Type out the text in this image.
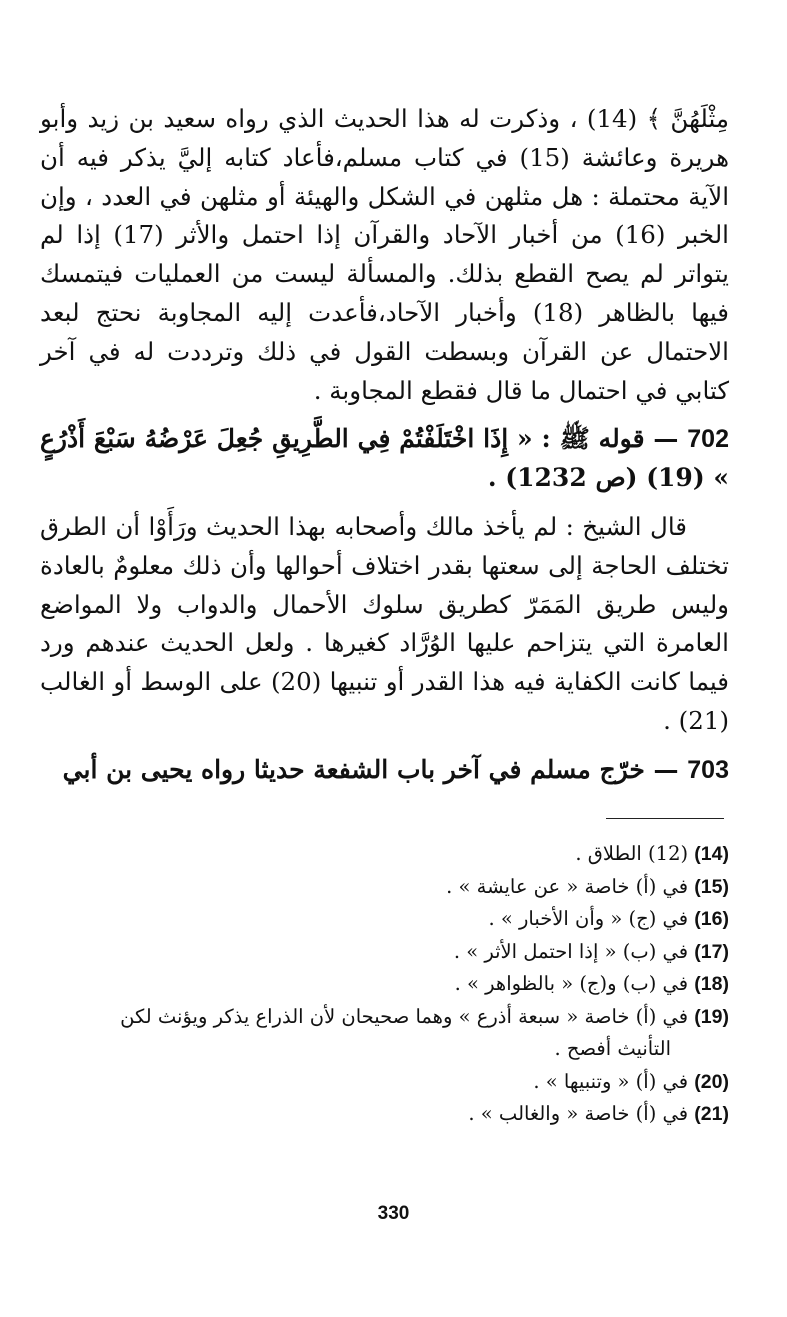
مِثْلَهُنَّ ﴾ (14) ، وذكرت له هذا الحديث الذي رواه سعيد بن زيد وأبو هريرة وعائشة (15) في كتاب مسلم،فأعاد كتابه إليَّ يذكر فيه أن الآية محتملة : هل مثلهن في الشكل والهيئة أو مثلهن في العدد ، وإن الخبر (16) من أخبار الآحاد والقرآن إذا احتمل والأثر (17) إذا لم يتواتر لم يصح القطع بذلك. والمسألة ليست من العمليات فيتمسك فيها بالظاهر (18) وأخبار الآحاد،فأعدت إليه المجاوبة نحتج لبعد الاحتمال عن القرآن وبسطت القول في ذلك وترددت له في آخر كتابي في احتمال ما قال فقطع المجاوبة .

702 — قوله ﷺ : « إِذَا اخْتَلَفْتُمْ فِي الطَّرِيقِ جُعِلَ عَرْضُهُ سَبْعَ أَذْرُعٍ » (19) (ص 1232) .

قال الشيخ : لم يأخذ مالك وأصحابه بهذا الحديث ورَأَوْا أن الطرق تختلف الحاجة إلى سعتها بقدر اختلاف أحوالها وأن ذلك معلومٌ بالعادة وليس طريق المَمَرّ كطريق سلوك الأحمال والدواب ولا المواضع العامرة التي يتزاحم عليها الوُرَّاد كغيرها . ولعل الحديث عندهم ورد فيما كانت الكفاية فيه هذا القدر أو تنبيها (20) على الوسط أو الغالب (21) .

703 — خرّج مسلم في آخر باب الشفعة حديثا رواه يحيى بن أبي

(14) (12) الطلاق .

(15) في (أ) خاصة « عن عايشة » .

(16) في (ج) « وأن الأخبار » .

(17) في (ب) « إذا احتمل الأثر » .

(18) في (ب) و(ج) « بالظواهر » .

(19) في (أ) خاصة « سبعة أذرع » وهما صحيحان لأن الذراع يذكر ويؤنث لكن
التأنيث أفصح .

(20) في (أ) « وتنبيها » .

(21) في (أ) خاصة « والغالب » .

330
